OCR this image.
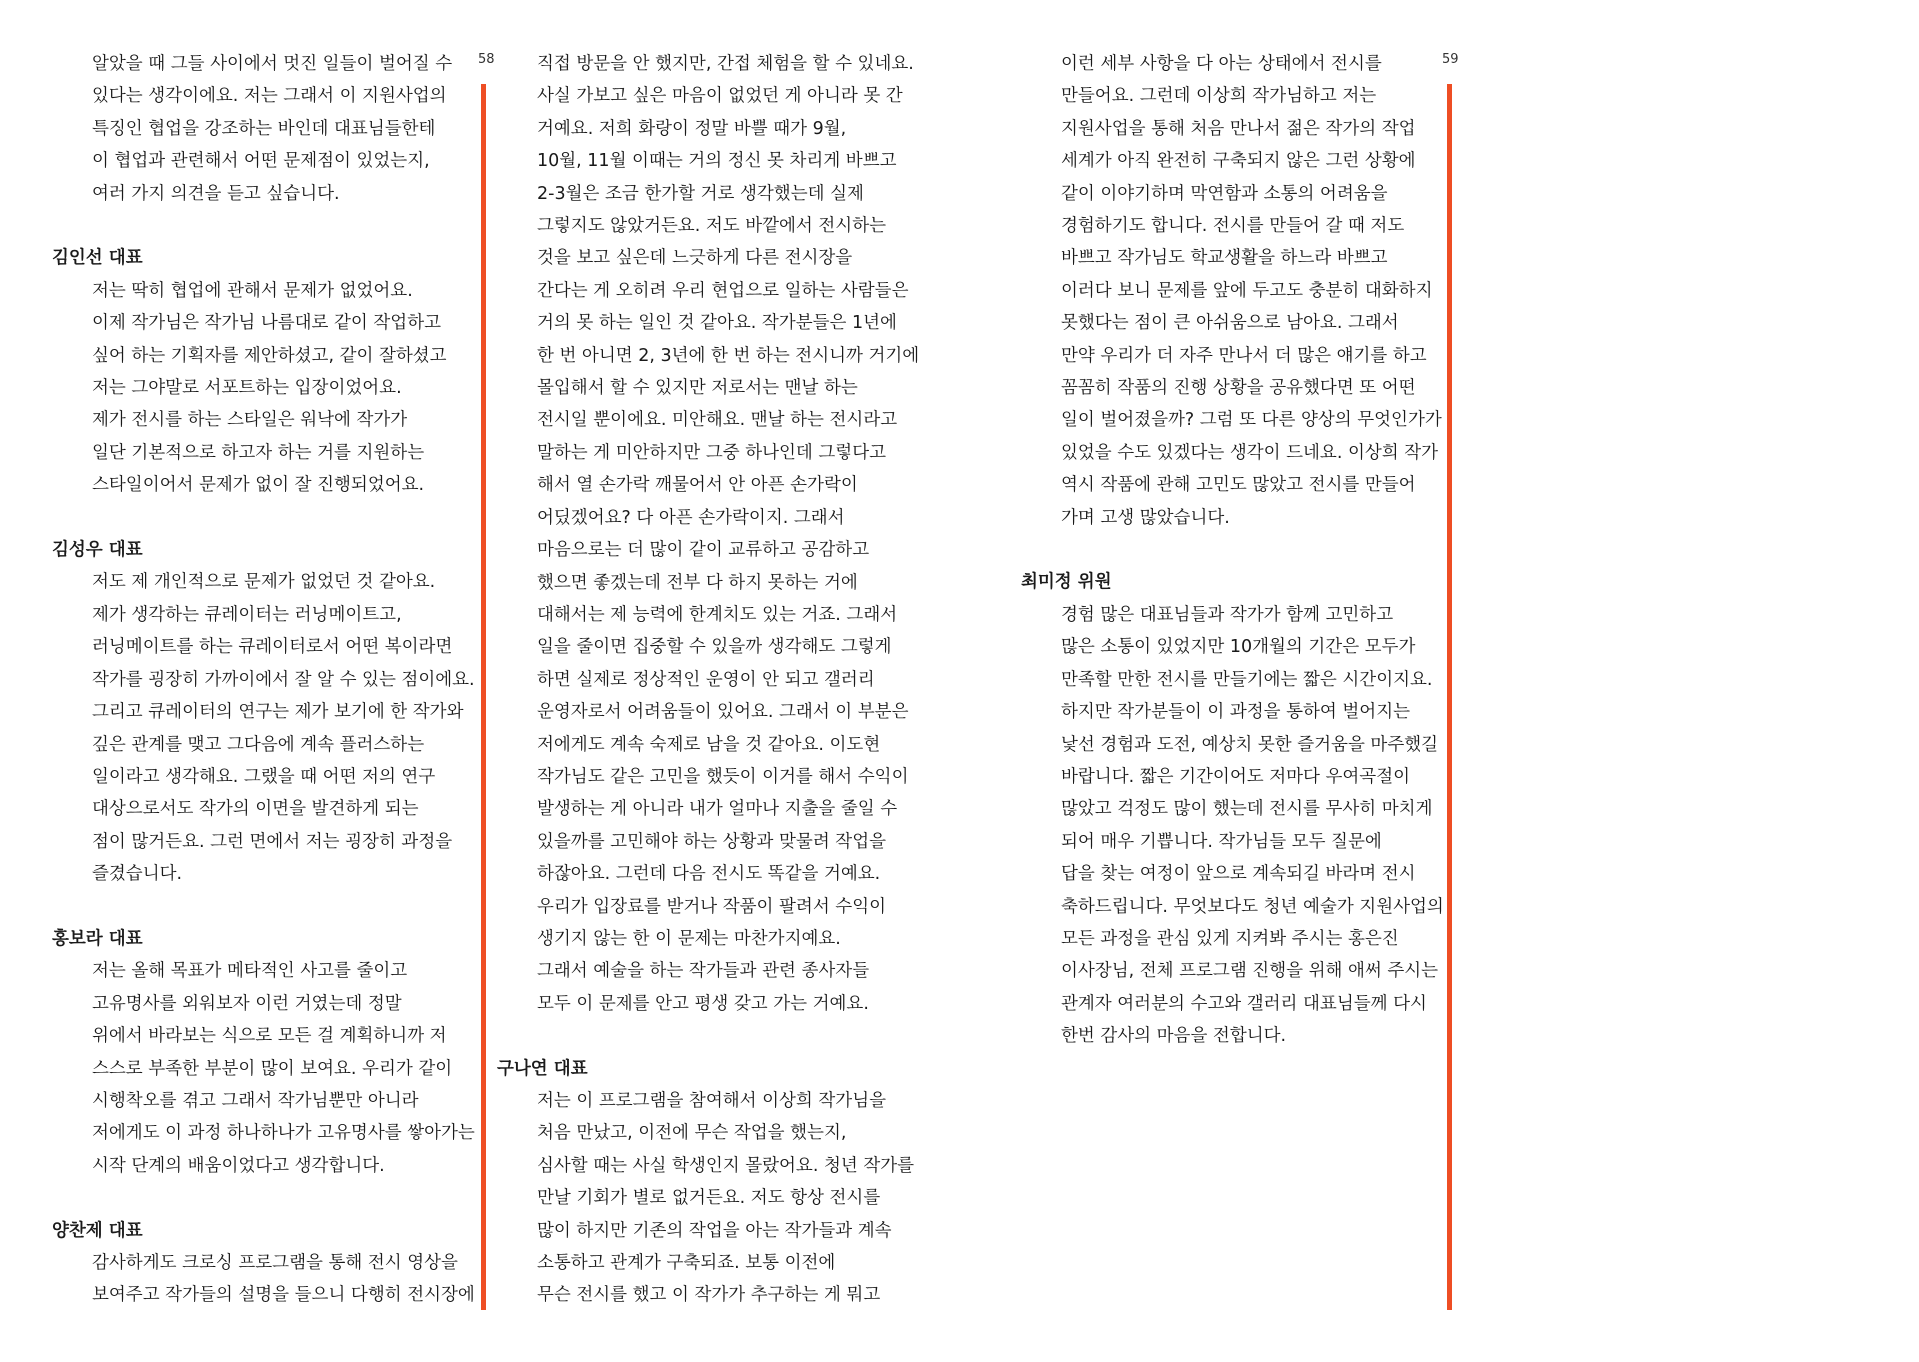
알았을 때 그들 사이에서 멋진 일들이 벌어질 수

있다는 생각이에요. 저는 그래서 이 지원사업의

특징인 협업을 강조하는 바인데 대표님들한테

이 협업과 관련해서 어떤 문제점이 있었는지,

여러 가지 의견을 듣고 싶습니다.

김인선 대표

저는 딱히 협업에 관해서 문제가 없었어요.

이제 작가님은 작가님 나름대로 같이 작업하고

싶어 하는 기획자를 제안하셨고, 같이 잘하셨고

저는 그야말로 서포트하는 입장이었어요.

제가 전시를 하는 스타일은 워낙에 작가가

일단 기본적으로 하고자 하는 거를 지원하는

스타일이어서 문제가 없이 잘 진행되었어요.

김성우 대표

저도 제 개인적으로 문제가 없었던 것 같아요.

제가 생각하는 큐레이터는 러닝메이트고,

러닝메이트를 하는 큐레이터로서 어떤 복이라면

작가를 굉장히 가까이에서 잘 알 수 있는 점이에요.

그리고 큐레이터의 연구는 제가 보기에 한 작가와

깊은 관계를 맺고 그다음에 계속 플러스하는

일이라고 생각해요. 그랬을 때 어떤 저의 연구

대상으로서도 작가의 이면을 발견하게 되는

점이 많거든요. 그런 면에서 저는 굉장히 과정을

즐겼습니다.

홍보라 대표

저는 올해 목표가 메타적인 사고를 줄이고

고유명사를 외워보자 이런 거였는데 정말

위에서 바라보는 식으로 모든 걸 계획하니까 저

스스로 부족한 부분이 많이 보여요. 우리가 같이

시행착오를 겪고 그래서 작가님뿐만 아니라

저에게도 이 과정 하나하나가 고유명사를 쌓아가는

시작 단계의 배움이었다고 생각합니다.

양찬제 대표

감사하게도 크로싱 프로그램을 통해 전시 영상을

보여주고 작가들의 설명을 들으니 다행히 전시장에

직접 방문을 안 했지만, 간접 체험을 할 수 있네요.

사실 가보고 싶은 마음이 없었던 게 아니라 못 간

거예요. 저희 화랑이 정말 바쁠 때가 9월,

10월, 11월 이때는 거의 정신 못 차리게 바쁘고

2-3월은 조금 한가할 거로 생각했는데 실제

그렇지도 않았거든요. 저도 바깥에서 전시하는

것을 보고 싶은데 느긋하게 다른 전시장을

간다는 게 오히려 우리 현업으로 일하는 사람들은

거의 못 하는 일인 것 같아요. 작가분들은 1년에

한 번 아니면 2, 3년에 한 번 하는 전시니까 거기에

몰입해서 할 수 있지만 저로서는 맨날 하는

전시일 뿐이에요. 미안해요. 맨날 하는 전시라고

말하는 게 미안하지만 그중 하나인데 그렇다고

해서 열 손가락 깨물어서 안 아픈 손가락이

어딨겠어요? 다 아픈 손가락이지. 그래서

마음으로는 더 많이 같이 교류하고 공감하고

했으면 좋겠는데 전부 다 하지 못하는 거에

대해서는 제 능력에 한계치도 있는 거죠. 그래서

일을 줄이면 집중할 수 있을까 생각해도 그렇게

하면 실제로 정상적인 운영이 안 되고 갤러리

운영자로서 어려움들이 있어요. 그래서 이 부분은

저에게도 계속 숙제로 남을 것 같아요. 이도현

작가님도 같은 고민을 했듯이 이거를 해서 수익이

발생하는 게 아니라 내가 얼마나 지출을 줄일 수

있을까를 고민해야 하는 상황과 맞물려 작업을

하잖아요. 그런데 다음 전시도 똑같을 거예요.

우리가 입장료를 받거나 작품이 팔려서 수익이

생기지 않는 한 이 문제는 마찬가지예요.

그래서 예술을 하는 작가들과 관련 종사자들

모두 이 문제를 안고 평생 갖고 가는 거예요.

구나연 대표

저는 이 프로그램을 참여해서 이상희 작가님을

처음 만났고, 이전에 무슨 작업을 했는지,

심사할 때는 사실 학생인지 몰랐어요. 청년 작가를

만날 기회가 별로 없거든요. 저도 항상 전시를

많이 하지만 기존의 작업을 아는 작가들과 계속

소통하고 관계가 구축되죠. 보통 이전에

무슨 전시를 했고 이 작가가 추구하는 게 뭐고

이런 세부 사항을 다 아는 상태에서 전시를

만들어요. 그런데 이상희 작가님하고 저는

지원사업을 통해 처음 만나서 젊은 작가의 작업

세계가 아직 완전히 구축되지 않은 그런 상황에

같이 이야기하며 막연함과 소통의 어려움을

경험하기도 합니다. 전시를 만들어 갈 때 저도

바쁘고 작가님도 학교생활을 하느라 바쁘고

이러다 보니 문제를 앞에 두고도 충분히 대화하지

못했다는 점이 큰 아쉬움으로 남아요. 그래서

만약 우리가 더 자주 만나서 더 많은 얘기를 하고

꼼꼼히 작품의 진행 상황을 공유했다면 또 어떤

일이 벌어졌을까? 그럼 또 다른 양상의 무엇인가가

있었을 수도 있겠다는 생각이 드네요. 이상희 작가

역시 작품에 관해 고민도 많았고 전시를 만들어

가며 고생 많았습니다.

최미정 위원

경험 많은 대표님들과 작가가 함께 고민하고

많은 소통이 있었지만 10개월의 기간은 모두가

만족할 만한 전시를 만들기에는 짧은 시간이지요.

하지만 작가분들이 이 과정을 통하여 벌어지는

낯선 경험과 도전, 예상치 못한 즐거움을 마주했길

바랍니다. 짧은 기간이어도 저마다 우여곡절이

많았고 걱정도 많이 했는데 전시를 무사히 마치게

되어 매우 기쁩니다. 작가님들 모두 질문에

답을 찾는 여정이 앞으로 계속되길 바라며 전시

축하드립니다. 무엇보다도 청년 예술가 지원사업의

모든 과정을 관심 있게 지켜봐 주시는 홍은진

이사장님, 전체 프로그램 진행을 위해 애써 주시는

관계자 여러분의 수고와 갤러리 대표님들께 다시

한번 감사의 마음을 전합니다.

58	59
